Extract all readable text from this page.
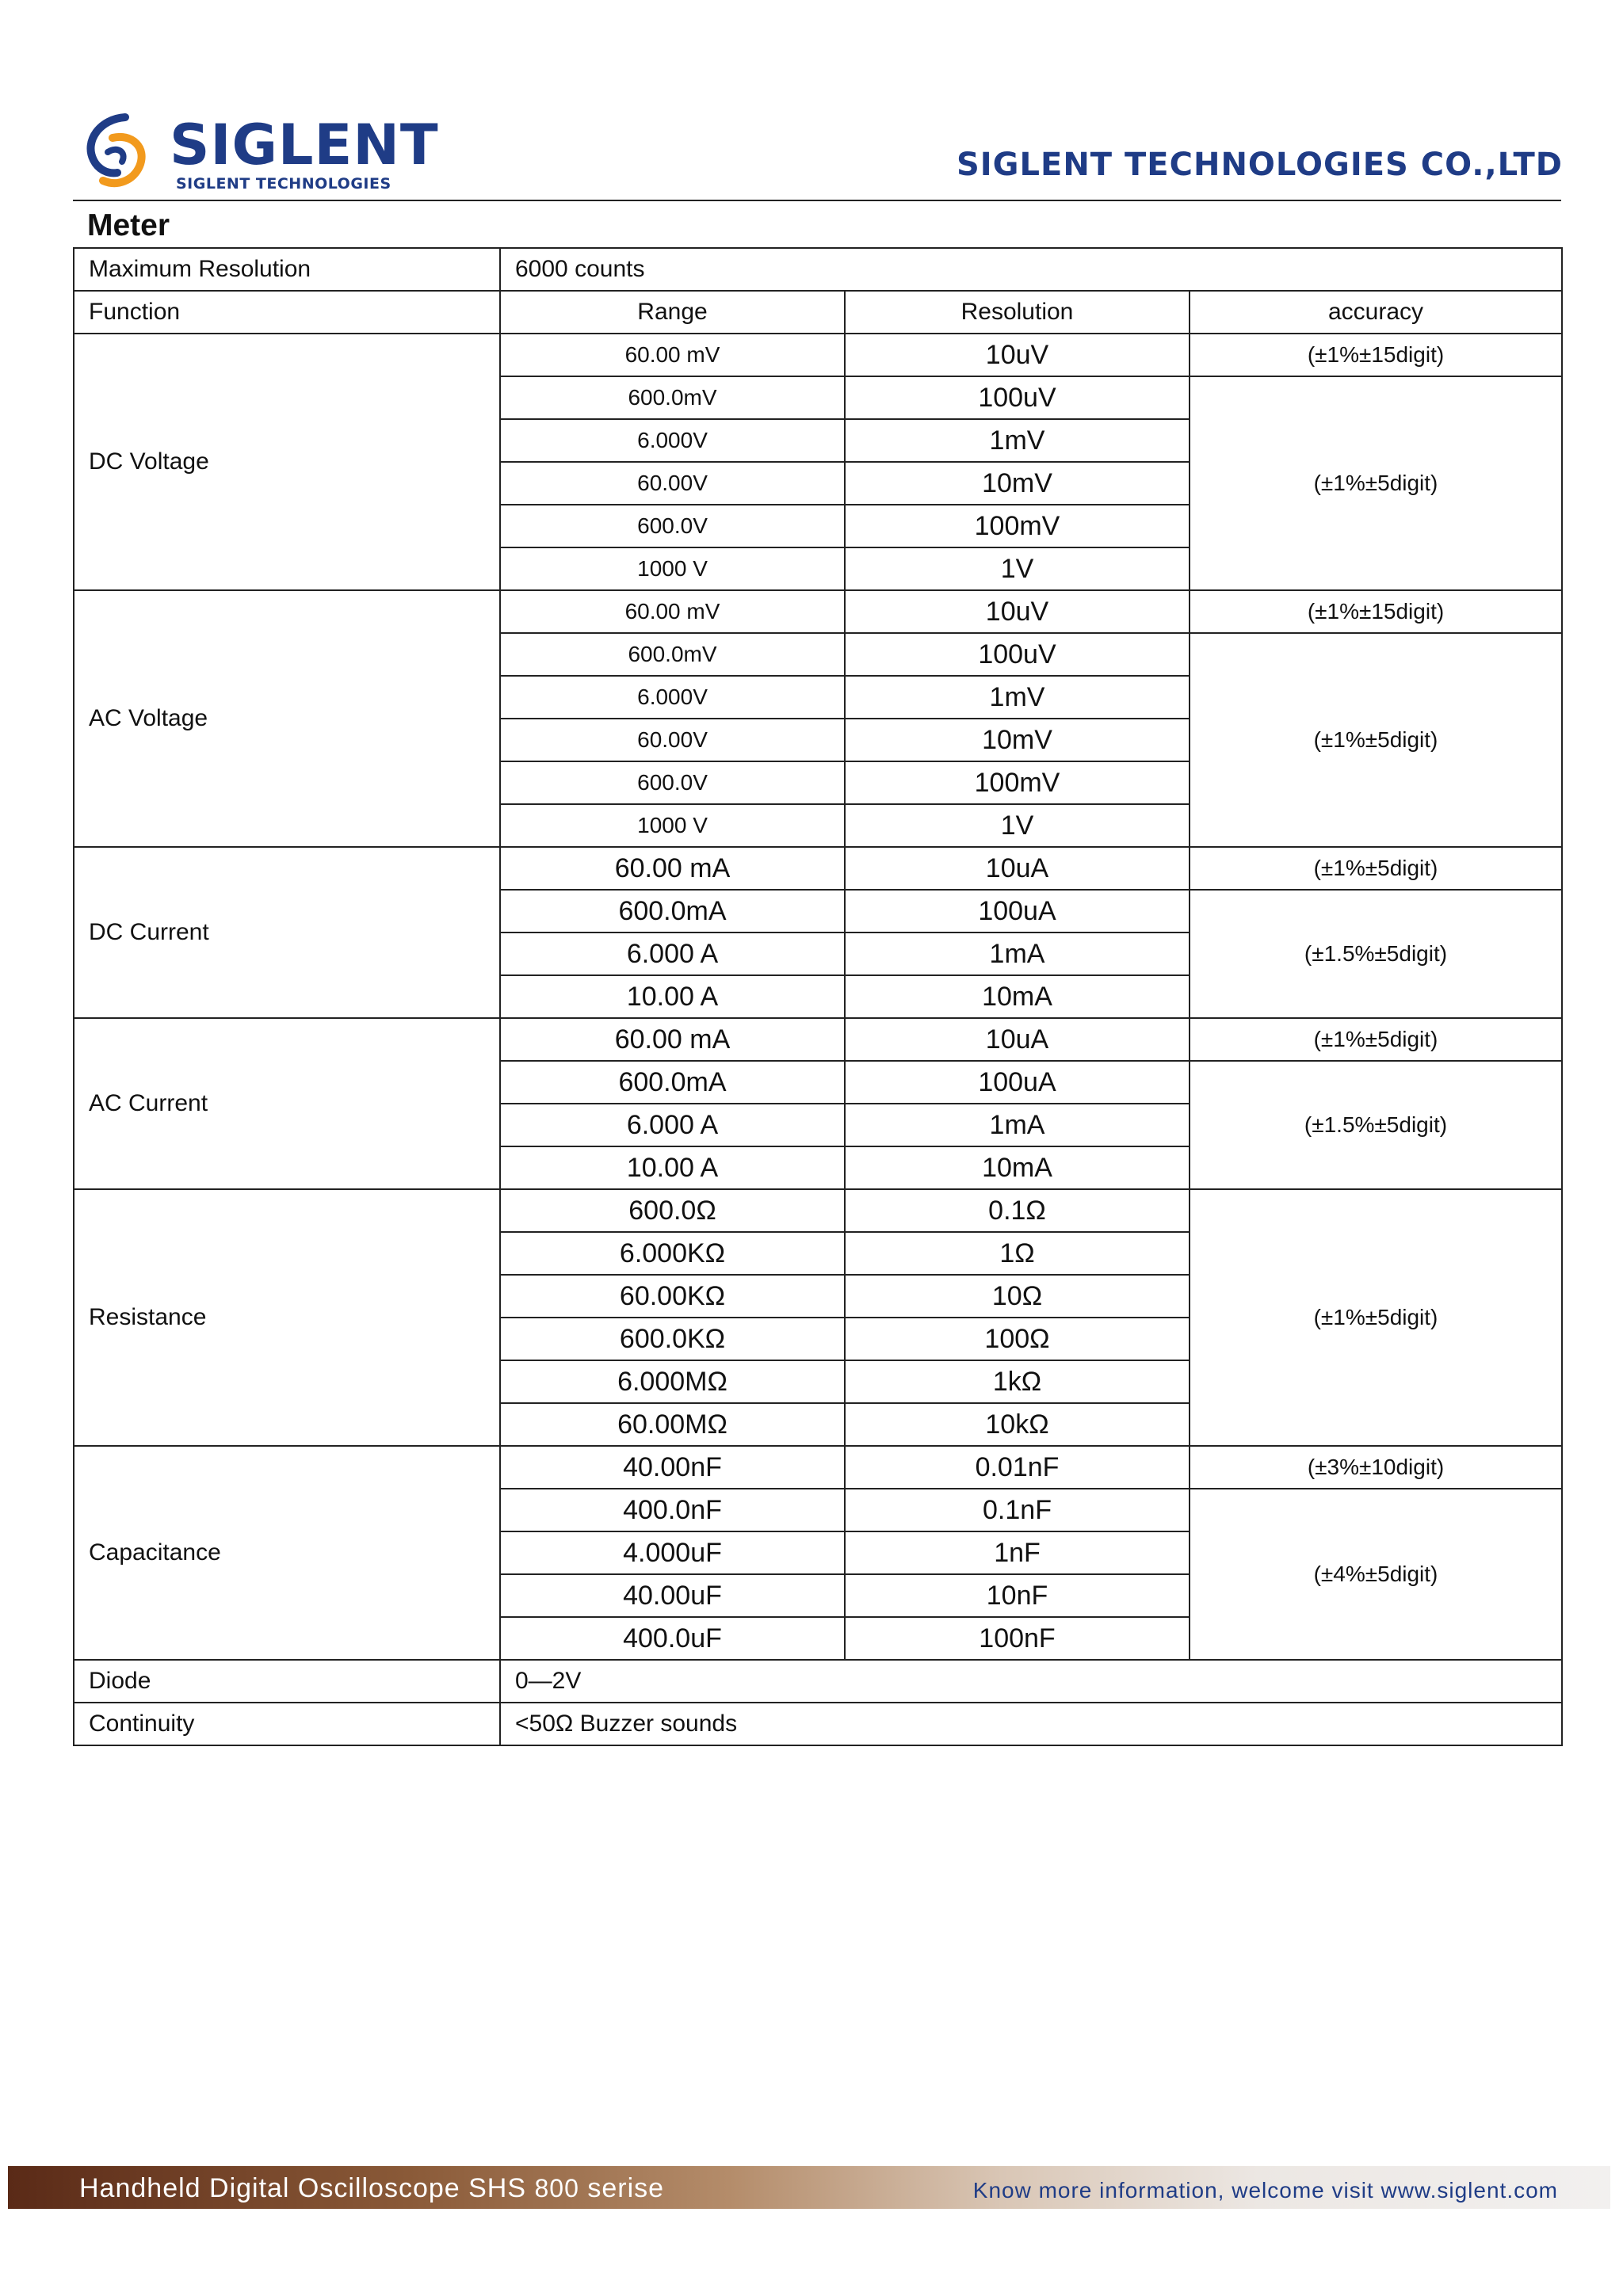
SIGLENT
SIGLENT TECHNOLOGIES
SIGLENT TECHNOLOGIES CO.,LTD
Meter
Maximum Resolution	6000 counts		
Function	Range	Resolution	accuracy
DC Voltage	60.00 mV	10uV	(±1%±15digit)
	600.0mV	100uV	(±1%±5digit)
	6.000V	1mV	
	60.00V	10mV	
	600.0V	100mV	
	1000 V	1V	
AC Voltage	60.00 mV	10uV	(±1%±15digit)
	600.0mV	100uV	(±1%±5digit)
	6.000V	1mV	
	60.00V	10mV	
	600.0V	100mV	
	1000 V	1V	
DC Current	60.00 mA	10uA	(±1%±5digit)
	600.0mA	100uA	(±1.5%±5digit)
	6.000 A	1mA	
	10.00 A	10mA	
AC Current	60.00 mA	10uA	(±1%±5digit)
	600.0mA	100uA	(±1.5%±5digit)
	6.000 A	1mA	
	10.00 A	10mA	
Resistance	600.0Ω	0.1Ω	(±1%±5digit)
	6.000KΩ	1Ω	
	60.00KΩ	10Ω	
	600.0KΩ	100Ω	
	6.000MΩ	1kΩ	
	60.00MΩ	10kΩ	
Capacitance	40.00nF	0.01nF	(±3%±10digit)
	400.0nF	0.1nF	(±4%±5digit)
	4.000uF	1nF	
	40.00uF	10nF	
	400.0uF	100nF	
Diode	0—2V		
Continuity	<50Ω Buzzer sounds		
Handheld Digital Oscilloscope SHS 800 serise	Know more information, welcome visit www.siglent.com
